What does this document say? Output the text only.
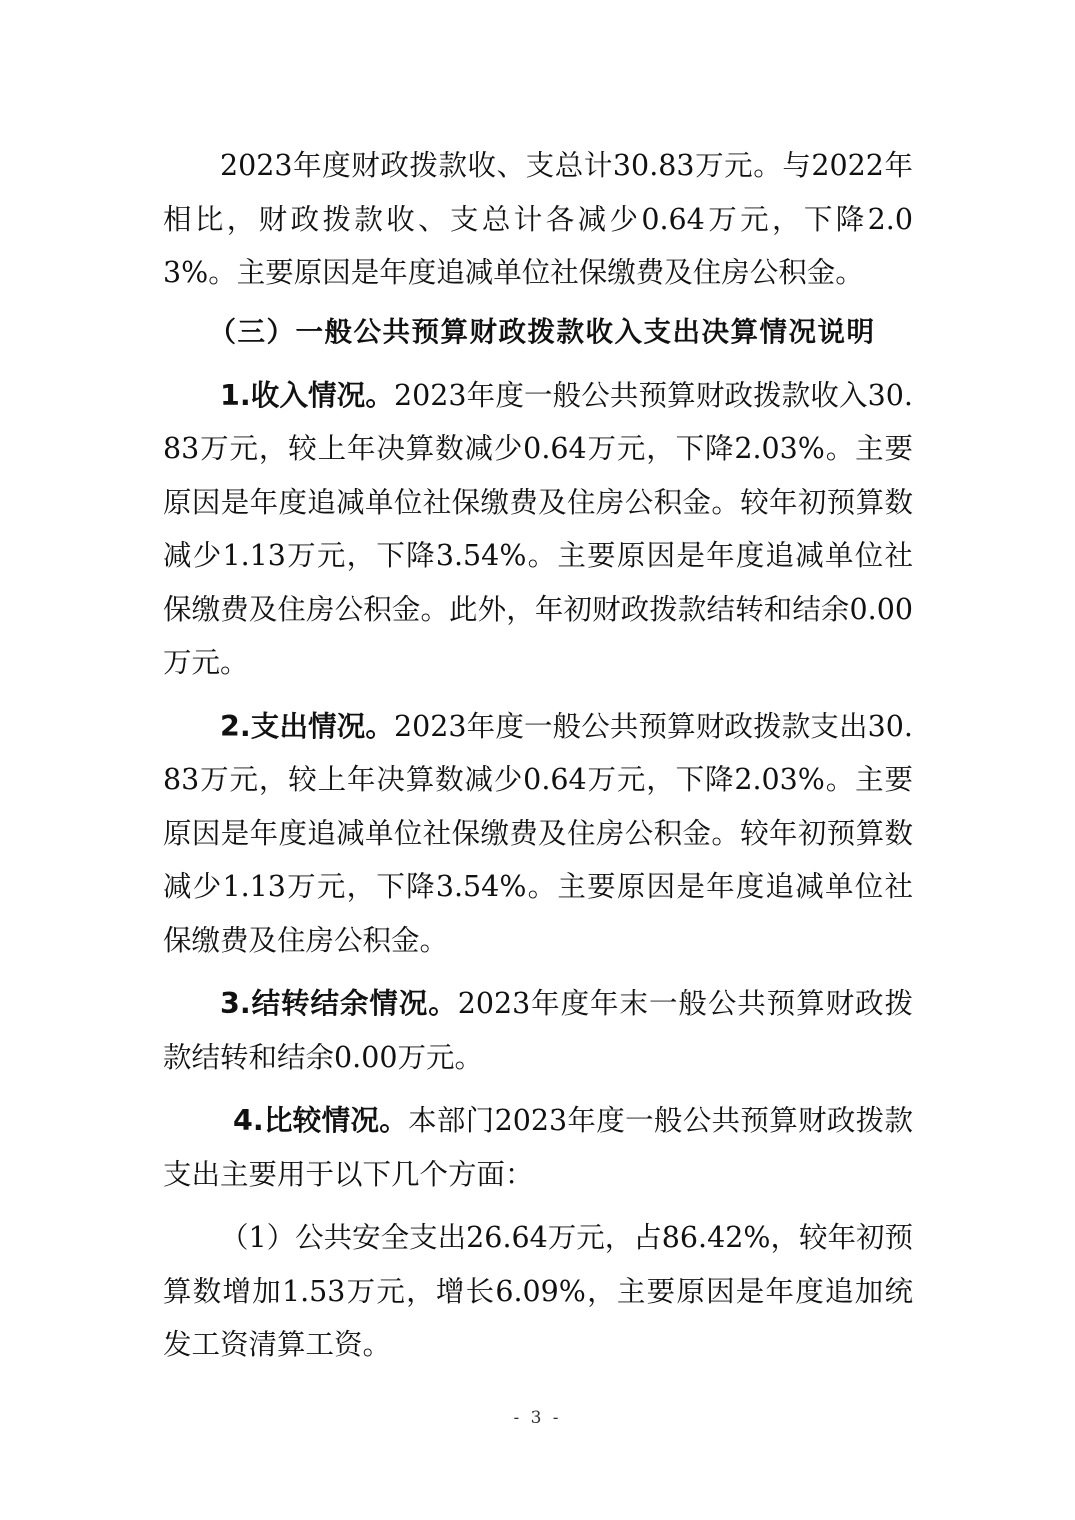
2023年度财政拨款收、支总计30.83万元。与2022年相比，财政拨款收、支总计各减少0.64万元，下降2.03%。主要原因是年度追减单位社保缴费及住房公积金。

（三）一般公共预算财政拨款收入支出决算情况说明

1.收入情况。2023年度一般公共预算财政拨款收入30.83万元，较上年决算数减少0.64万元，下降2.03%。主要原因是年度追减单位社保缴费及住房公积金。较年初预算数减少1.13万元，下降3.54%。主要原因是年度追减单位社保缴费及住房公积金。此外，年初财政拨款结转和结余0.00万元。

2.支出情况。2023年度一般公共预算财政拨款支出30.83万元，较上年决算数减少0.64万元，下降2.03%。主要原因是年度追减单位社保缴费及住房公积金。较年初预算数减少1.13万元，下降3.54%。主要原因是年度追减单位社保缴费及住房公积金。

3.结转结余情况。2023年度年末一般公共预算财政拨款结转和结余0.00万元。

4.比较情况。本部门2023年度一般公共预算财政拨款支出主要用于以下几个方面：

（1）公共安全支出26.64万元，占86.42%，较年初预算数增加1.53万元，增长6.09%，主要原因是年度追加统发工资清算工资。

- 3 -
